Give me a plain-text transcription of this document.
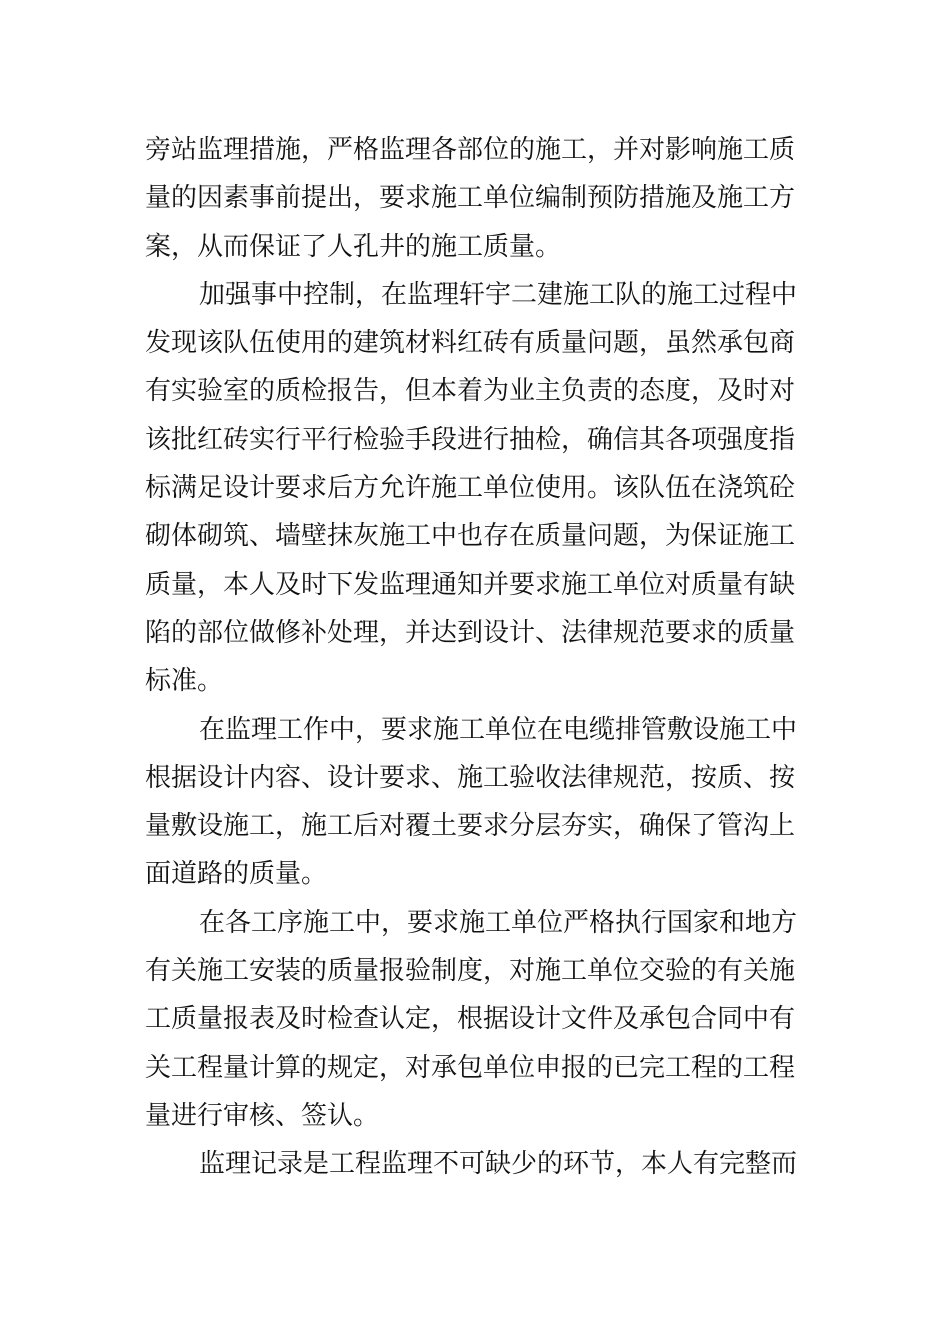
旁站监理措施，严格监理各部位的施工，并对影响施工质
量的因素事前提出，要求施工单位编制预防措施及施工方
案，从而保证了人孔井的施工质量。
加强事中控制，在监理轩宇二建施工队的施工过程中
发现该队伍使用的建筑材料红砖有质量问题，虽然承包商
有实验室的质检报告，但本着为业主负责的态度，及时对
该批红砖实行平行检验手段进行抽检，确信其各项强度指
标满足设计要求后方允许施工单位使用。该队伍在浇筑砼
砌体砌筑、墙壁抹灰施工中也存在质量问题，为保证施工
质量，本人及时下发监理通知并要求施工单位对质量有缺
陷的部位做修补处理，并达到设计、法律规范要求的质量
标准。
在监理工作中，要求施工单位在电缆排管敷设施工中
根据设计内容、设计要求、施工验收法律规范，按质、按
量敷设施工，施工后对覆土要求分层夯实，确保了管沟上
面道路的质量。
在各工序施工中，要求施工单位严格执行国家和地方
有关施工安装的质量报验制度，对施工单位交验的有关施
工质量报表及时检查认定，根据设计文件及承包合同中有
关工程量计算的规定，对承包单位申报的已完工程的工程
量进行审核、签认。
监理记录是工程监理不可缺少的环节，本人有完整而
